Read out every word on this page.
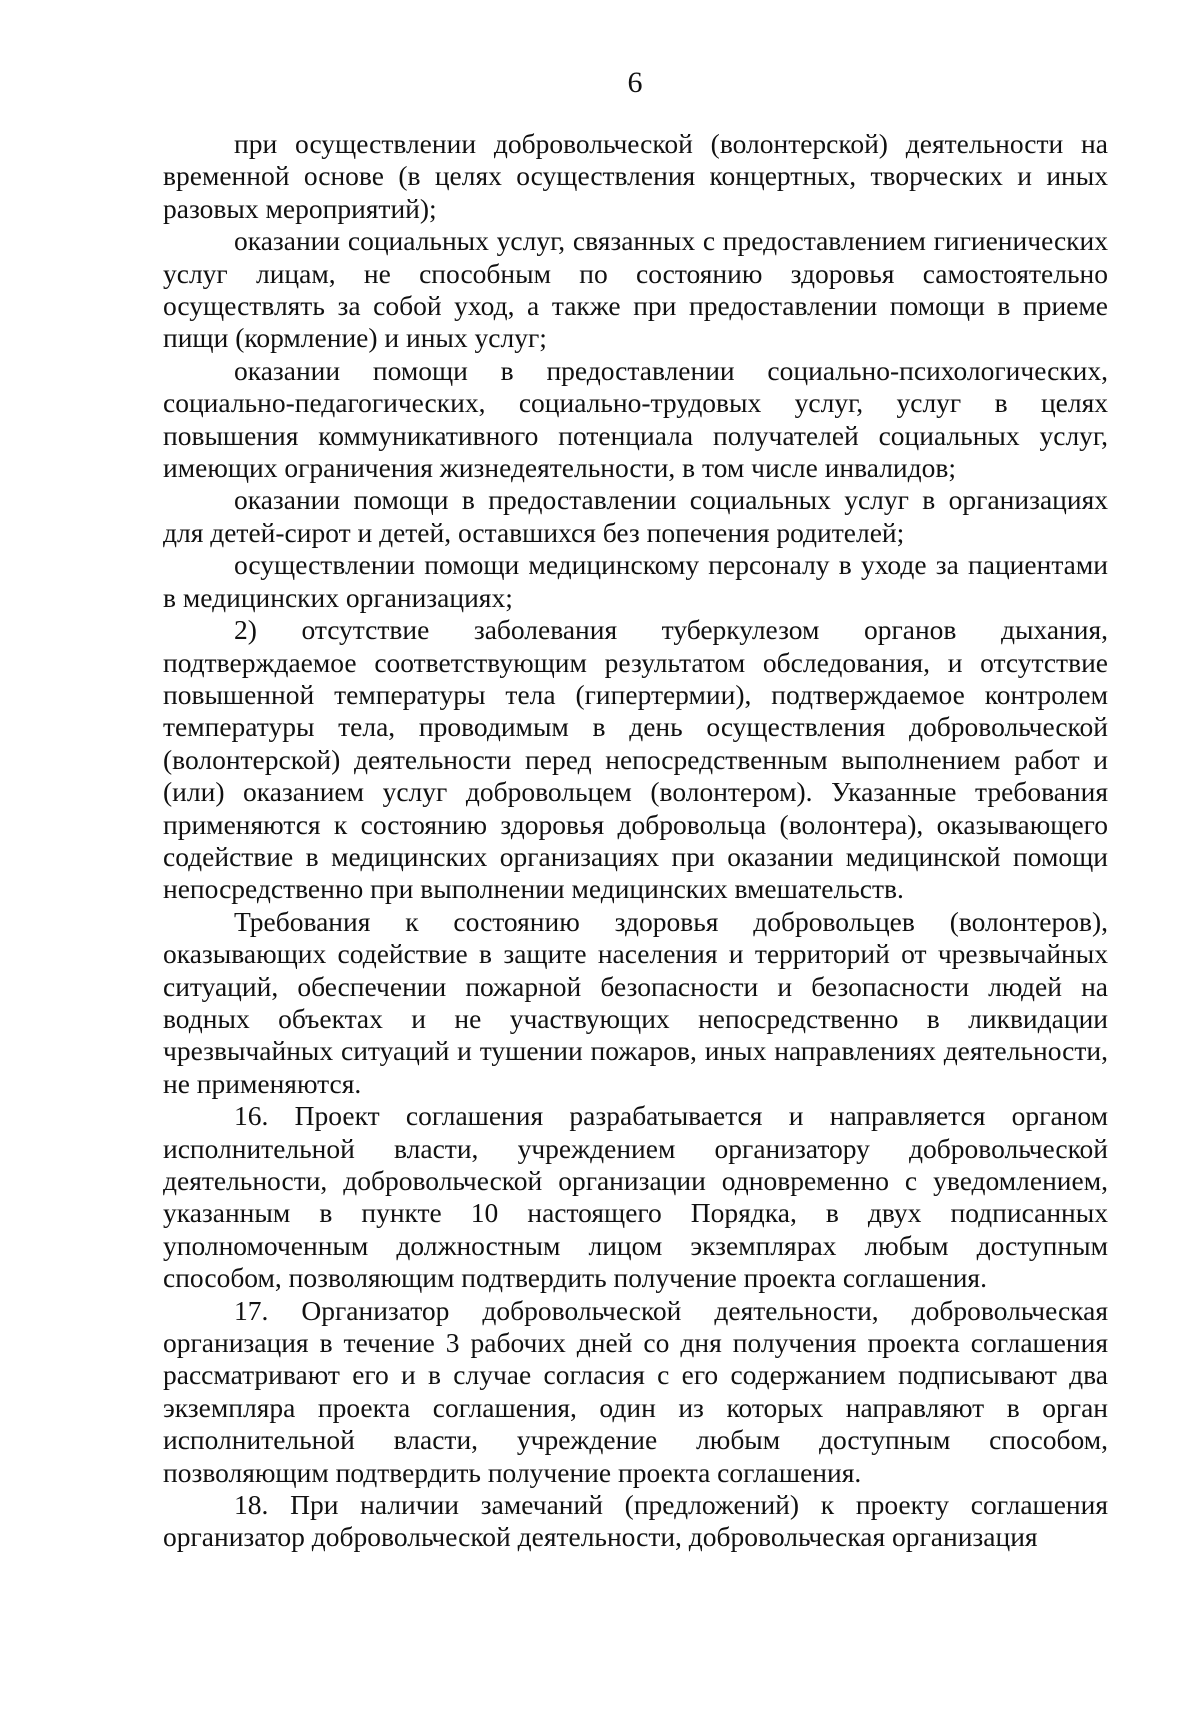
6

при осуществлении добровольческой (волонтерской) деятельности на временной основе (в целях осуществления концертных, творческих и иных разовых мероприятий);

оказании социальных услуг, связанных с предоставлением гигиенических услуг лицам, не способным по состоянию здоровья самостоятельно осуществлять за собой уход, а также при предоставлении помощи в приеме пищи (кормление) и иных услуг;

оказании помощи в предоставлении социально-психологических, социально-педагогических, социально-трудовых услуг, услуг в целях повышения коммуникативного потенциала получателей социальных услуг, имеющих ограничения жизнедеятельности, в том числе инвалидов;

оказании помощи в предоставлении социальных услуг в организациях для детей-сирот и детей, оставшихся без попечения родителей;

осуществлении помощи медицинскому персоналу в уходе за пациентами в медицинских организациях;

2) отсутствие заболевания туберкулезом органов дыхания, подтверждаемое соответствующим результатом обследования, и отсутствие повышенной температуры тела (гипертермии), подтверждаемое контролем температуры тела, проводимым в день осуществления добровольческой (волонтерской) деятельности перед непосредственным выполнением работ и (или) оказанием услуг добровольцем (волонтером). Указанные требования применяются к состоянию здоровья добровольца (волонтера), оказывающего содействие в медицинских организациях при оказании медицинской помощи непосредственно при выполнении медицинских вмешательств.

Требования к состоянию здоровья добровольцев (волонтеров), оказывающих содействие в защите населения и территорий от чрезвычайных ситуаций, обеспечении пожарной безопасности и безопасности людей на водных объектах и не участвующих непосредственно в ликвидации чрезвычайных ситуаций и тушении пожаров, иных направлениях деятельности, не применяются.

16. Проект соглашения разрабатывается и направляется органом исполнительной власти, учреждением организатору добровольческой деятельности, добровольческой организации одновременно с уведомлением, указанным в пункте 10 настоящего Порядка, в двух подписанных уполномоченным должностным лицом экземплярах любым доступным способом, позволяющим подтвердить получение проекта соглашения.

17. Организатор добровольческой деятельности, добровольческая организация в течение 3 рабочих дней со дня получения проекта соглашения рассматривают его и в случае согласия с его содержанием подписывают два экземпляра проекта соглашения, один из которых направляют в орган исполнительной власти, учреждение любым доступным способом, позволяющим подтвердить получение проекта соглашения.

18. При наличии замечаний (предложений) к проекту соглашения организатор добровольческой деятельности, добровольческая организация
